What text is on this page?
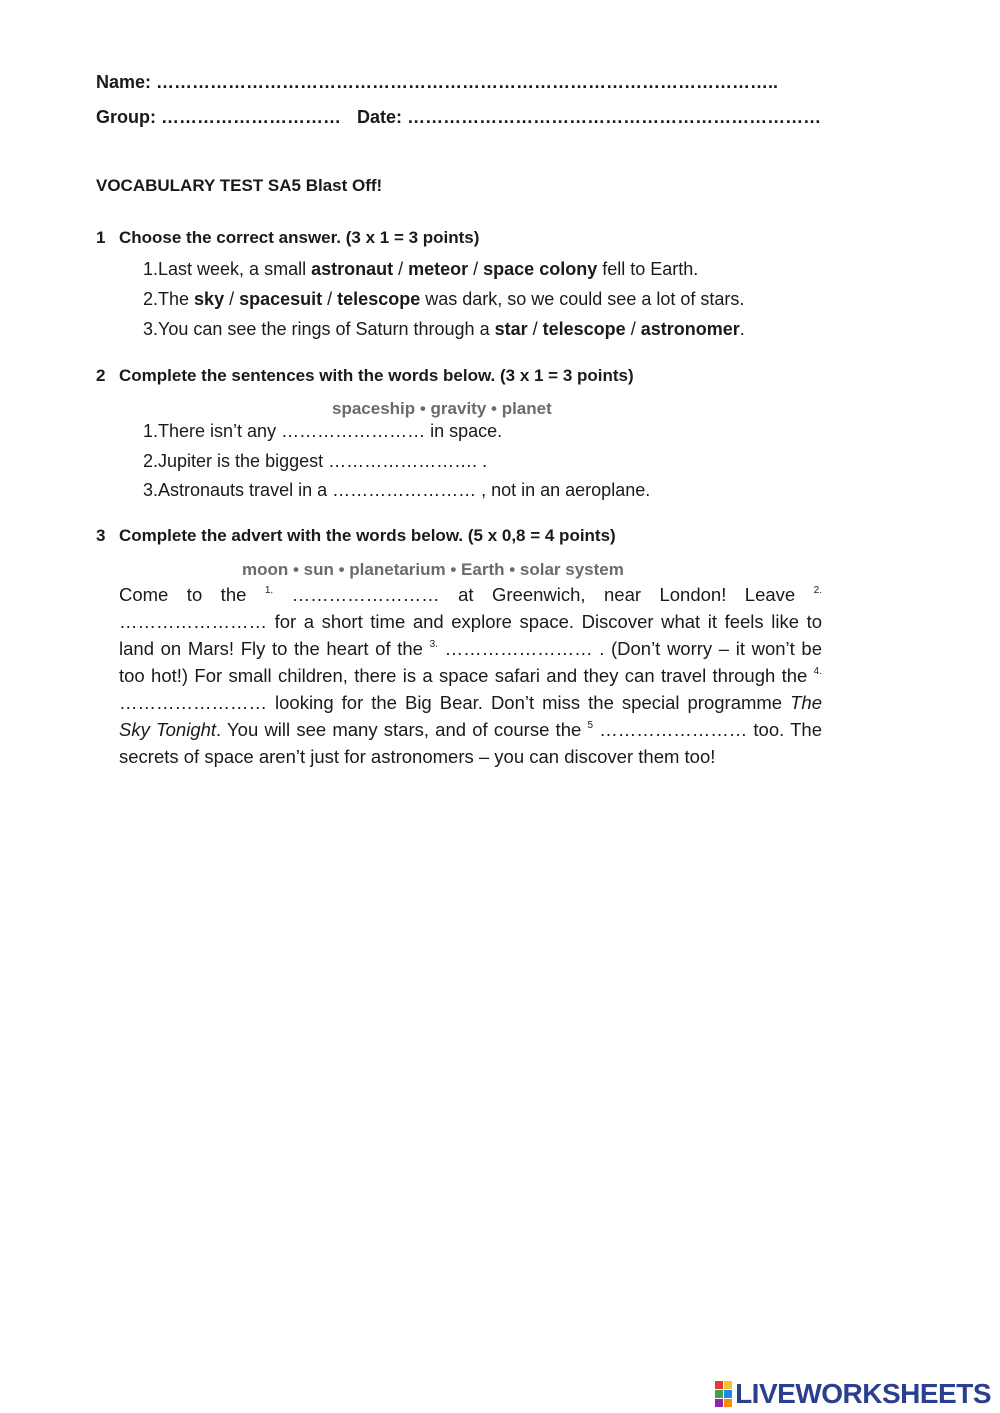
Name: …………………………………………………………………………………………..
Group: ………………………… Date: ……………………………………………………………
VOCABULARY TEST SA5 Blast Off!
1 Choose the correct answer. (3 x 1 = 3 points)
1.Last week, a small astronaut / meteor / space colony fell to Earth.
2.The sky / spacesuit / telescope was dark, so we could see a lot of stars.
3.You can see the rings of Saturn through a star / telescope / astronomer.
2 Complete the sentences with the words below. (3 x 1 = 3 points)
spaceship • gravity • planet
1.There isn’t any …………………… in space.
2.Jupiter is the biggest ……………………. .
3.Astronauts travel in a …………………… , not in an aeroplane.
3 Complete the advert with the words below. (5 x 0,8 = 4 points)
moon • sun • planetarium • Earth • solar system
Come to the $^{1.}$ …………………… at Greenwich, near London! Leave $^{2.}$ …………………… for a short time and explore space. Discover what it feels like to land on Mars! Fly to the heart of the $^{3.}$ …………………… . (Don’t worry – it won’t be too hot!) For small children, there is a space safari and they can travel through the $^{4.}$ …………………… looking for the Big Bear. Don’t miss the special programme The Sky Tonight. You will see many stars, and of course the $^5$ …………………… too. The secrets of space aren’t just for astronomers – you can discover them too!
LIVEWORKSHEETS
